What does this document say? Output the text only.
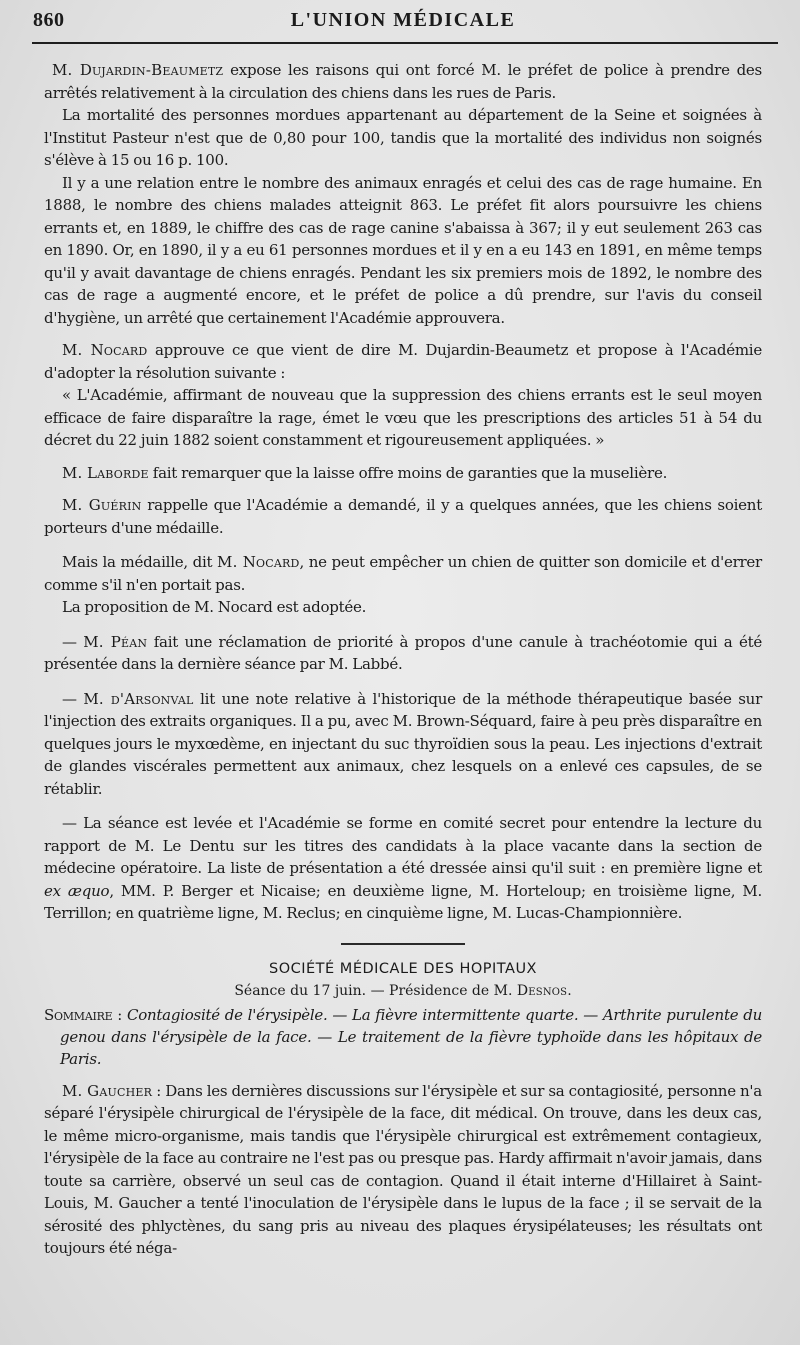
860	L'UNION MÉDICALE

M. Dujardin-Beaumetz expose les raisons qui ont forcé M. le préfet de police à prendre des arrêtés relativement à la circulation des chiens dans les rues de Paris.

La mortalité des personnes mordues appartenant au département de la Seine et soignées à l'Institut Pasteur n'est que de 0,80 pour 100, tandis que la mortalité des individus non soignés s'élève à 15 ou 16 p. 100.

Il y a une relation entre le nombre des animaux enragés et celui des cas de rage humaine. En 1888, le nombre des chiens malades atteignit 863. Le préfet fit alors poursuivre les chiens errants et, en 1889, le chiffre des cas de rage canine s'abaissa à 367; il y eut seulement 263 cas en 1890. Or, en 1890, il y a eu 61 personnes mordues et il y en a eu 143 en 1891, en même temps qu'il y avait davantage de chiens enragés. Pendant les six premiers mois de 1892, le nombre des cas de rage a augmenté encore, et le préfet de police a dû prendre, sur l'avis du conseil d'hygiène, un arrêté que certainement l'Académie approuvera.

M. Nocard approuve ce que vient de dire M. Dujardin-Beaumetz et propose à l'Académie d'adopter la résolution suivante :

« L'Académie, affirmant de nouveau que la suppression des chiens errants est le seul moyen efficace de faire disparaître la rage, émet le vœu que les prescriptions des articles 51 à 54 du décret du 22 juin 1882 soient constamment et rigoureusement appliquées. »

M. Laborde fait remarquer que la laisse offre moins de garanties que la muselière.

M. Guérin rappelle que l'Académie a demandé, il y a quelques années, que les chiens soient porteurs d'une médaille.

Mais la médaille, dit M. Nocard, ne peut empêcher un chien de quitter son domicile et d'errer comme s'il n'en portait pas.

La proposition de M. Nocard est adoptée.

— M. Péan fait une réclamation de priorité à propos d'une canule à trachéotomie qui a été présentée dans la dernière séance par M. Labbé.

— M. d'Arsonval lit une note relative à l'historique de la méthode thérapeutique basée sur l'injection des extraits organiques. Il a pu, avec M. Brown-Séquard, faire à peu près disparaître en quelques jours le myxœdème, en injectant du suc thyroïdien sous la peau. Les injections d'extrait de glandes viscérales permettent aux animaux, chez lesquels on a enlevé ces capsules, de se rétablir.

— La séance est levée et l'Académie se forme en comité secret pour entendre la lecture du rapport de M. Le Dentu sur les titres des candidats à la place vacante dans la section de médecine opératoire. La liste de présentation a été dressée ainsi qu'il suit : en première ligne et ex æquo, MM. P. Berger et Nicaise; en deuxième ligne, M. Horteloup; en troisième ligne, M. Terrillon; en quatrième ligne, M. Reclus; en cinquième ligne, M. Lucas-Championnière.

SOCIÉTÉ MÉDICALE DES HOPITAUX

Séance du 17 juin. — Présidence de M. Desnos.

Sommaire : Contagiosité de l'érysipèle. — La fièvre intermittente quarte. — Arthrite purulente du genou dans l'érysipèle de la face. — Le traitement de la fièvre typhoïde dans les hôpitaux de Paris.

M. Gaucher : Dans les dernières discussions sur l'érysipèle et sur sa contagiosité, personne n'a séparé l'érysipèle chirurgical de l'érysipèle de la face, dit médical. On trouve, dans les deux cas, le même micro-organisme, mais tandis que l'érysipèle chirurgical est extrêmement contagieux, l'érysipèle de la face au contraire ne l'est pas ou presque pas. Hardy affirmait n'avoir jamais, dans toute sa carrière, observé un seul cas de contagion. Quand il était interne d'Hillairet à Saint-Louis, M. Gaucher a tenté l'inoculation de l'érysipèle dans le lupus de la face ; il se servait de la sérosité des phlyctènes, du sang pris au niveau des plaques érysipélateuses; les résultats ont toujours été néga-
